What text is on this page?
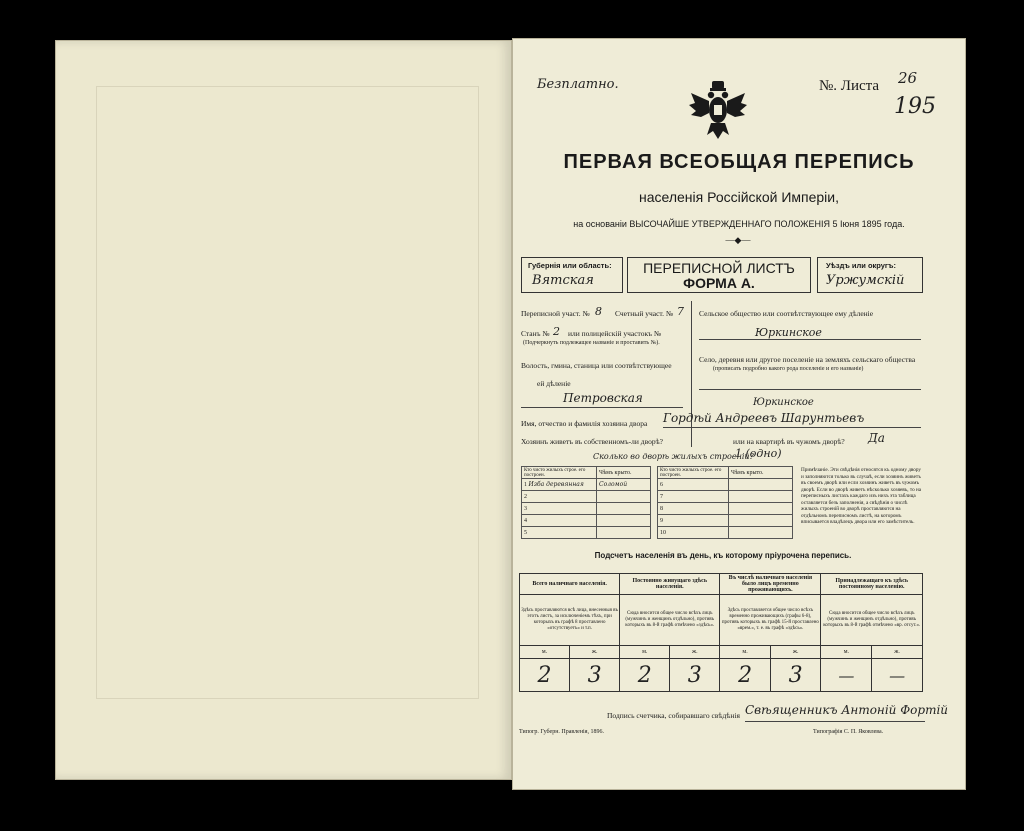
Безплатно.	№. Листа 26
195
ПЕРВАЯ ВСЕОБЩАЯ ПЕРЕПИСЬ
населенія Россійской Имперіи,
на основаніи ВЫСОЧАЙШЕ УТВЕРЖДЕННАГО ПОЛОЖЕНІЯ 5 Іюня 1895 года.
—◆—
Губернія или область:
Вятская
ПЕРЕПИСНОЙ ЛИСТЪ
ФОРМА А.
Уѣздъ или округъ:
Уржумскій
Переписной участ. № 8 Счетный участ. № 7
Станъ № 2 или полицейскій участокъ №
(Подчеркнуть подлежащее названіе и проставить №).
Волость, гмина, станица или соотвѣтствующее
ей дѣленіе
Петровская
Сельское общество или соотвѣтствующее ему дѣленіе
Юркинское
Село, деревня или другое поселеніе на земляхъ сельскаго общества
(прописать подробно какого рода поселеніе и его названіе)
Юркинское
Имя, отчество и фамилія хозяина двора Гордѣй Андреевъ Шарунтьевъ
Хозяинъ живетъ въ собственномъ-ли дворѣ?	или на квартирѣ въ чужомъ дворѣ? Да
Сколько во дворѣ жилыхъ строеній?
1 (одно)
Кто чисто жилыхъ строе. его построен.	Чѣмъ крыто.
1 Изба деревянная	Соломой
2	
3	
4	
5	
Кто чисто жилыхъ строе. его построен.	Чѣмъ крыто.
6	
7	
8	
9	
10	
Примѣчаніе. Эти свѣдѣнія относятся къ одному двору и заполняются только въ случаѣ, если хозяинъ живетъ въ своемъ дворѣ или если хозяинъ живетъ въ чужомъ дворѣ. Если во дворѣ живетъ нѣсколько хозяевъ, то на переписныхъ листахъ каждаго изъ нихъ эта таблица оставляется безъ заполненія, а свѣдѣнія о числѣ жилыхъ строеній во дворѣ проставляются на отдѣльномъ переписномъ листѣ, на которомъ вписывается владѣлецъ двора или его замѣститель.
Подсчетъ населенія въ день, къ которому пріурочена перепись.
Всего наличнаго населенія.		Постоянно живущаго здѣсь населенія.		Въ числѣ наличнаго населенія было лицъ временно проживающихъ.		Принадлежащаго къ здѣсь постоянному населенію.	
Здѣсь проставляются всѣ лица, внесенныя въ этотъ листъ, за исключеніемъ тѣхъ, при которыхъ въ графѣ 8 проставлено «отсутствуетъ» и т.п.		Сюда вносится общее число всѣхъ лицъ (мужчинъ и женщинъ отдѣльно), противъ которыхъ въ 8-й графѣ отмѣчено «здѣсь».		Здѣсь проставляется общее число всѣхъ временно проживающихъ (графы 6-8), противъ которыхъ въ графѣ 15-й проставлено «врем.», т. е. въ графѣ «здѣсь».		Сюда вносится общее число всѣхъ лицъ (мужчинъ и женщинъ отдѣльно), противъ которыхъ въ 8-й графѣ отмѣчено «вр. отсут.».	
м.	ж.	м.	ж.	м.	ж.	м.	ж.
2	3	2	3	2	3	—	—
Подпись счетчика, собиравшаго свѣдѣнія Свѣященникъ Антоній Фортій
Типогр. Губерн. Правленія, 1896.	Типографія С. П. Яковлева.
